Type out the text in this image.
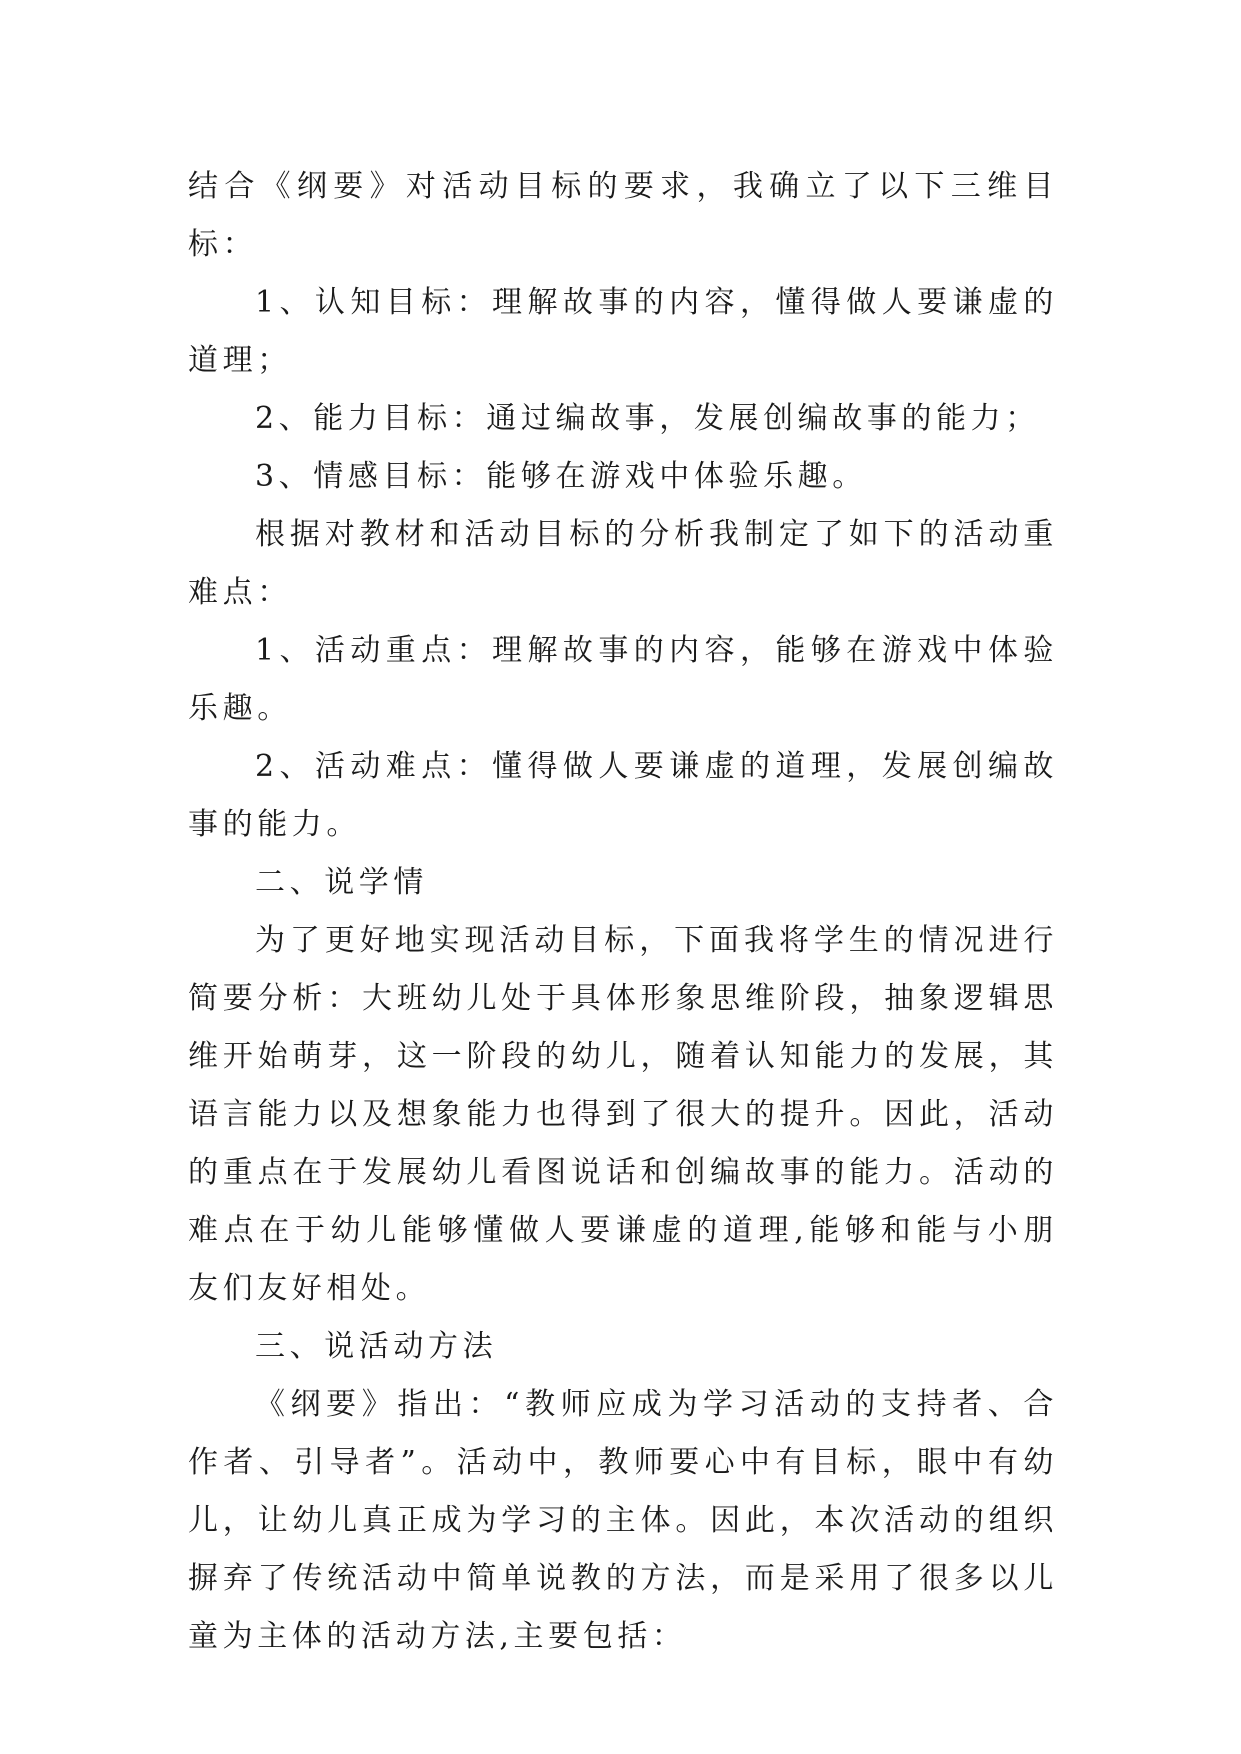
结合《纲要》对活动目标的要求，我确立了以下三维目标：

1、认知目标：理解故事的内容，懂得做人要谦虚的道理；

2、能力目标：通过编故事，发展创编故事的能力；

3、情感目标：能够在游戏中体验乐趣。

根据对教材和活动目标的分析我制定了如下的活动重难点：

1、活动重点：理解故事的内容，能够在游戏中体验乐趣。

2、活动难点：懂得做人要谦虚的道理，发展创编故事的能力。

二、说学情

为了更好地实现活动目标，下面我将学生的情况进行简要分析：大班幼儿处于具体形象思维阶段，抽象逻辑思维开始萌芽，这一阶段的幼儿，随着认知能力的发展，其语言能力以及想象能力也得到了很大的提升。因此，活动的重点在于发展幼儿看图说话和创编故事的能力。活动的难点在于幼儿能够懂做人要谦虚的道理,能够和能与小朋友们友好相处。

三、说活动方法

《纲要》指出：“教师应成为学习活动的支持者、合作者、引导者”。活动中，教师要心中有目标，眼中有幼儿，让幼儿真正成为学习的主体。因此，本次活动的组织摒弃了传统活动中简单说教的方法，而是采用了很多以儿童为主体的活动方法,主要包括：
